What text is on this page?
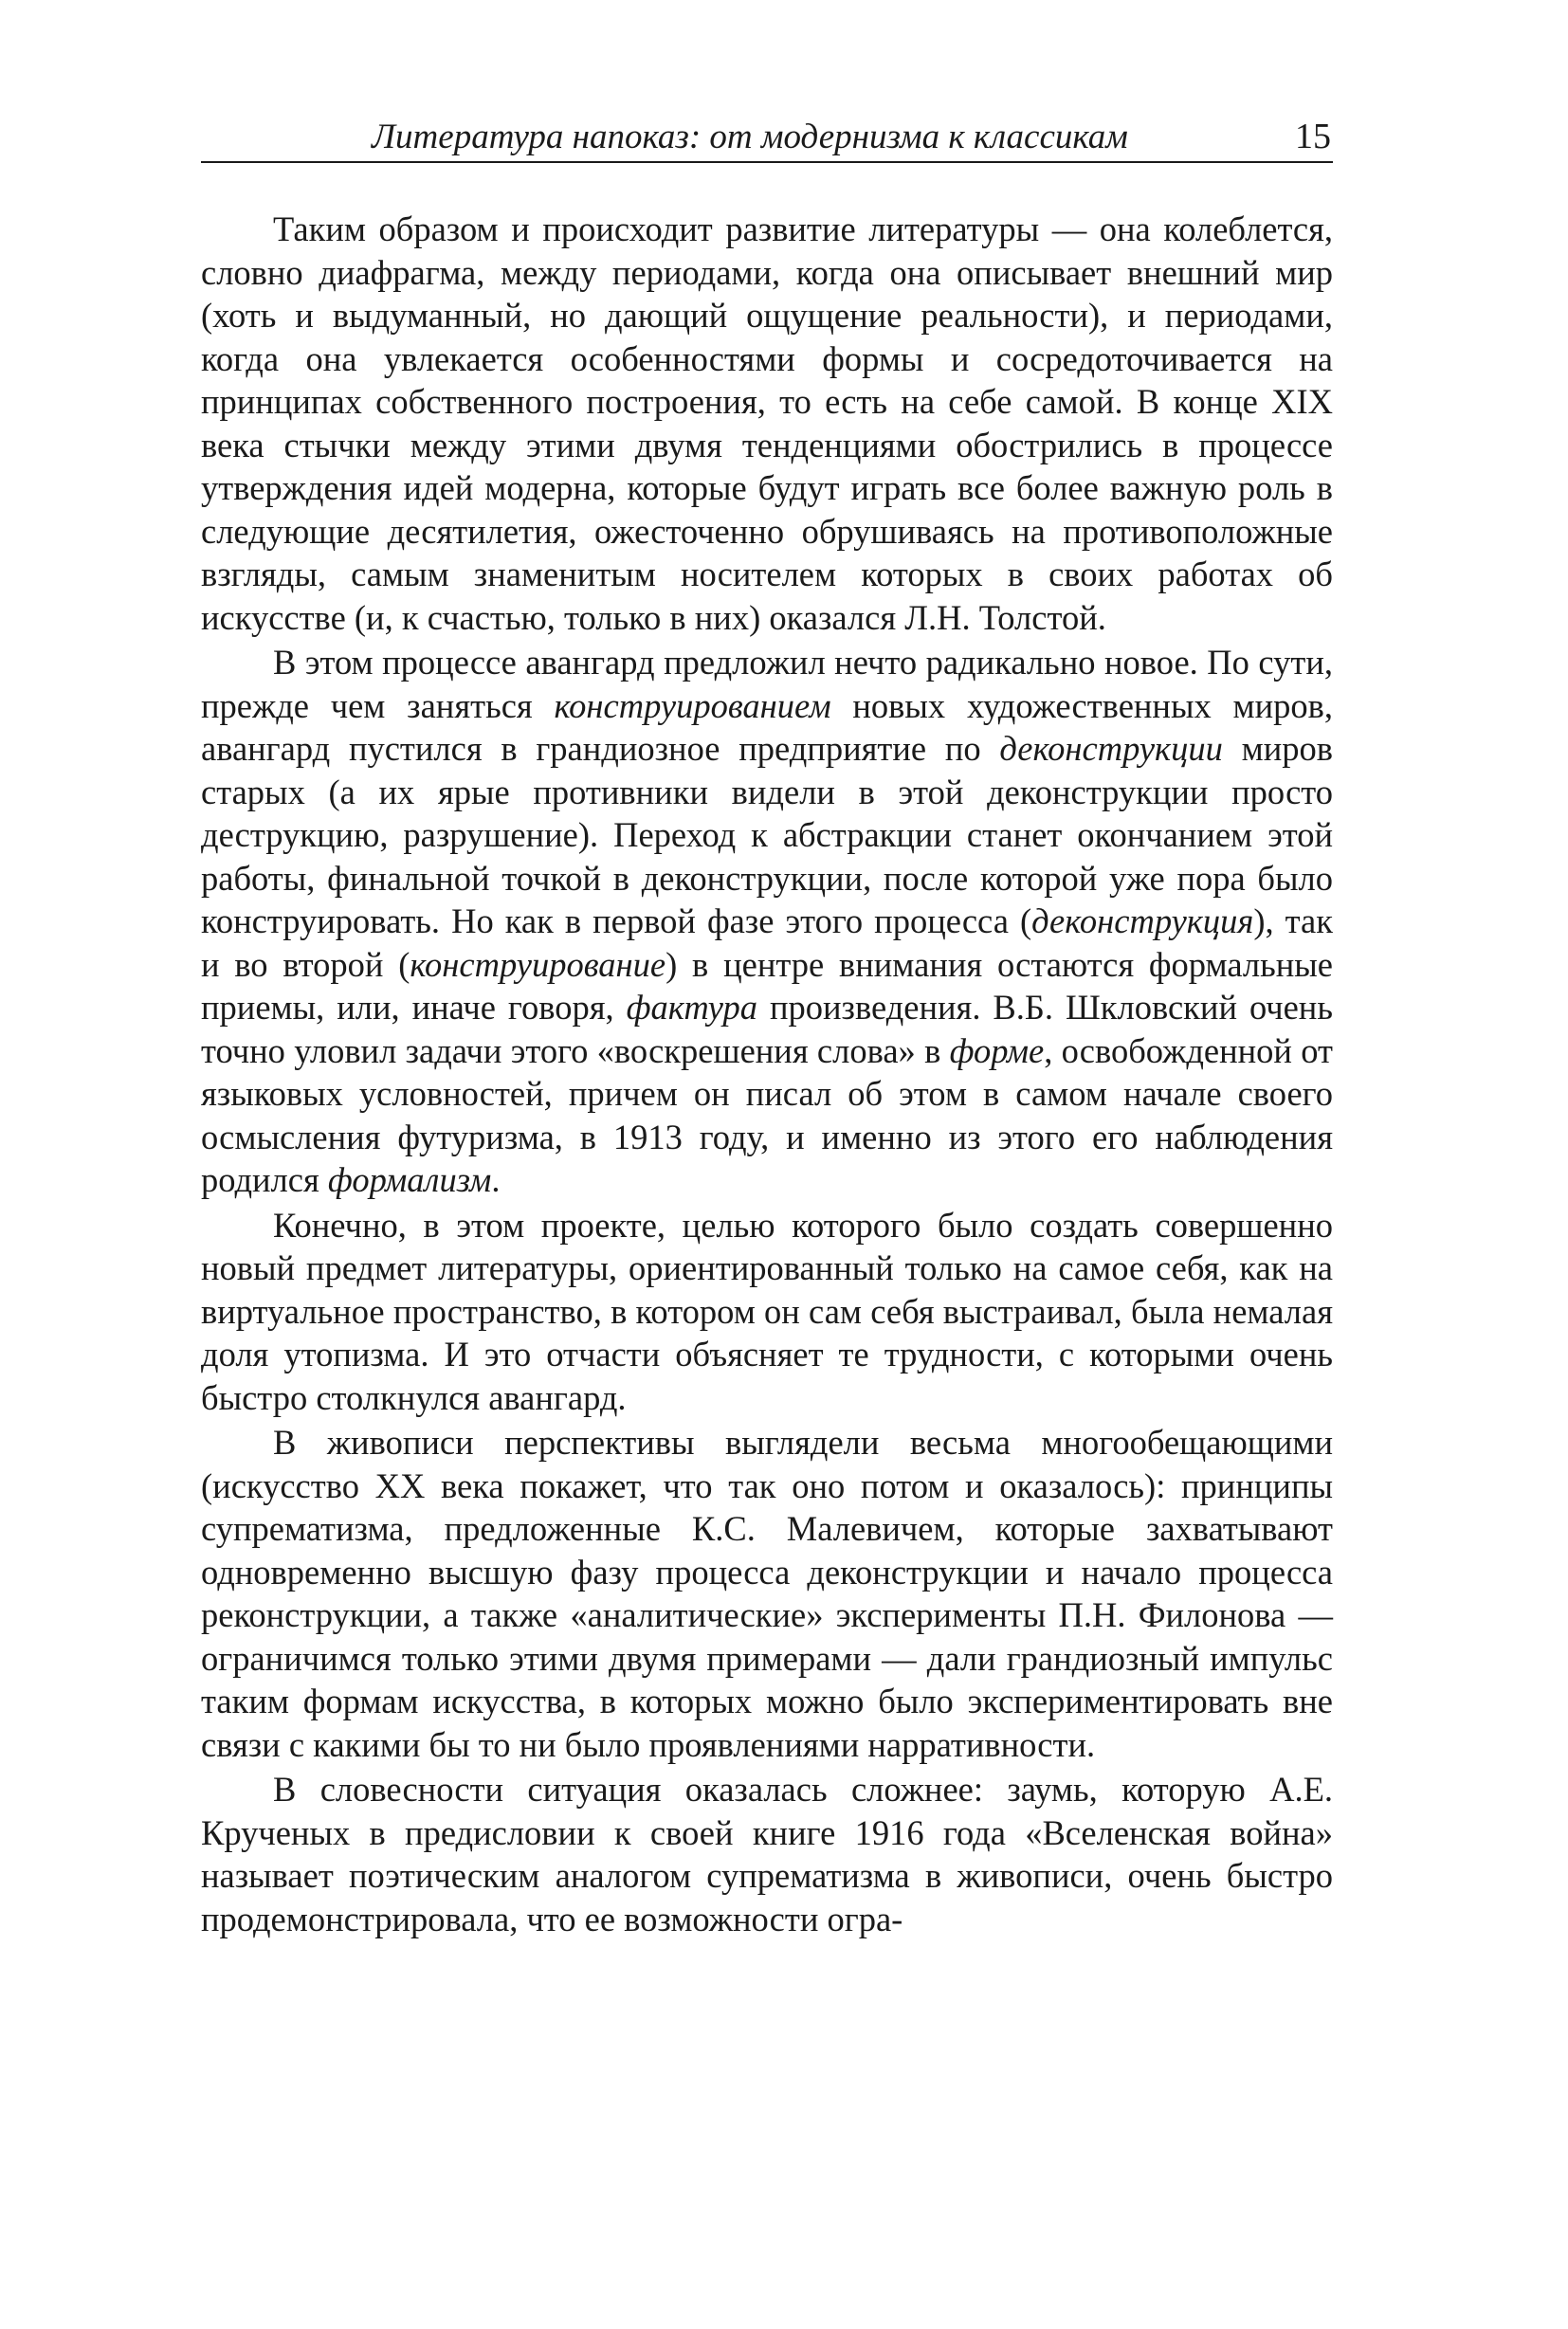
Литература напоказ: от модернизма к классикам	15

Таким образом и происходит развитие литературы — она колеблется, словно диафрагма, между периодами, когда она описывает внешний мир (хоть и выдуманный, но дающий ощущение реальности), и периодами, когда она увлекается особенностями формы и сосредоточивается на принципах собственного построения, то есть на себе самой. В конце XIX века стычки между этими двумя тенденциями обострились в процессе утверждения идей модерна, которые будут играть все более важную роль в следующие десятилетия, ожесточенно обрушиваясь на противоположные взгляды, самым знаменитым носителем которых в своих работах об искусстве (и, к счастью, только в них) оказался Л.Н. Толстой.

В этом процессе авангард предложил нечто радикально новое. По сути, прежде чем заняться конструированием новых художественных миров, авангард пустился в грандиозное предприятие по деконструкции миров старых (а их ярые противники видели в этой деконструкции просто деструкцию, разрушение). Переход к абстракции станет окончанием этой работы, финальной точкой в деконструкции, после которой уже пора было конструировать. Но как в первой фазе этого процесса (деконструкция), так и во второй (конструирование) в центре внимания остаются формальные приемы, или, иначе говоря, фактура произведения. В.Б. Шкловский очень точно уловил задачи этого «воскрешения слова» в форме, освобожденной от языковых условностей, причем он писал об этом в самом начале своего осмысления футуризма, в 1913 году, и именно из этого его наблюдения родился формализм.

Конечно, в этом проекте, целью которого было создать совершенно новый предмет литературы, ориентированный только на самое себя, как на виртуальное пространство, в котором он сам себя выстраивал, была немалая доля утопизма. И это отчасти объясняет те трудности, с которыми очень быстро столкнулся авангард.

В живописи перспективы выглядели весьма многообещающими (искусство XX века покажет, что так оно потом и оказалось): принципы супрематизма, предложенные К.С. Малевичем, которые захватывают одновременно высшую фазу процесса деконструкции и начало процесса реконструкции, а также «аналитические» эксперименты П.Н. Филонова — ограничимся только этими двумя примерами — дали грандиозный импульс таким формам искусства, в которых можно было экспериментировать вне связи с какими бы то ни было проявлениями нарративности.

В словесности ситуация оказалась сложнее: заумь, которую А.Е. Крученых в предисловии к своей книге 1916 года «Вселенская война» называет поэтическим аналогом супрематизма в живописи, очень быстро продемонстрировала, что ее возможности огра-
